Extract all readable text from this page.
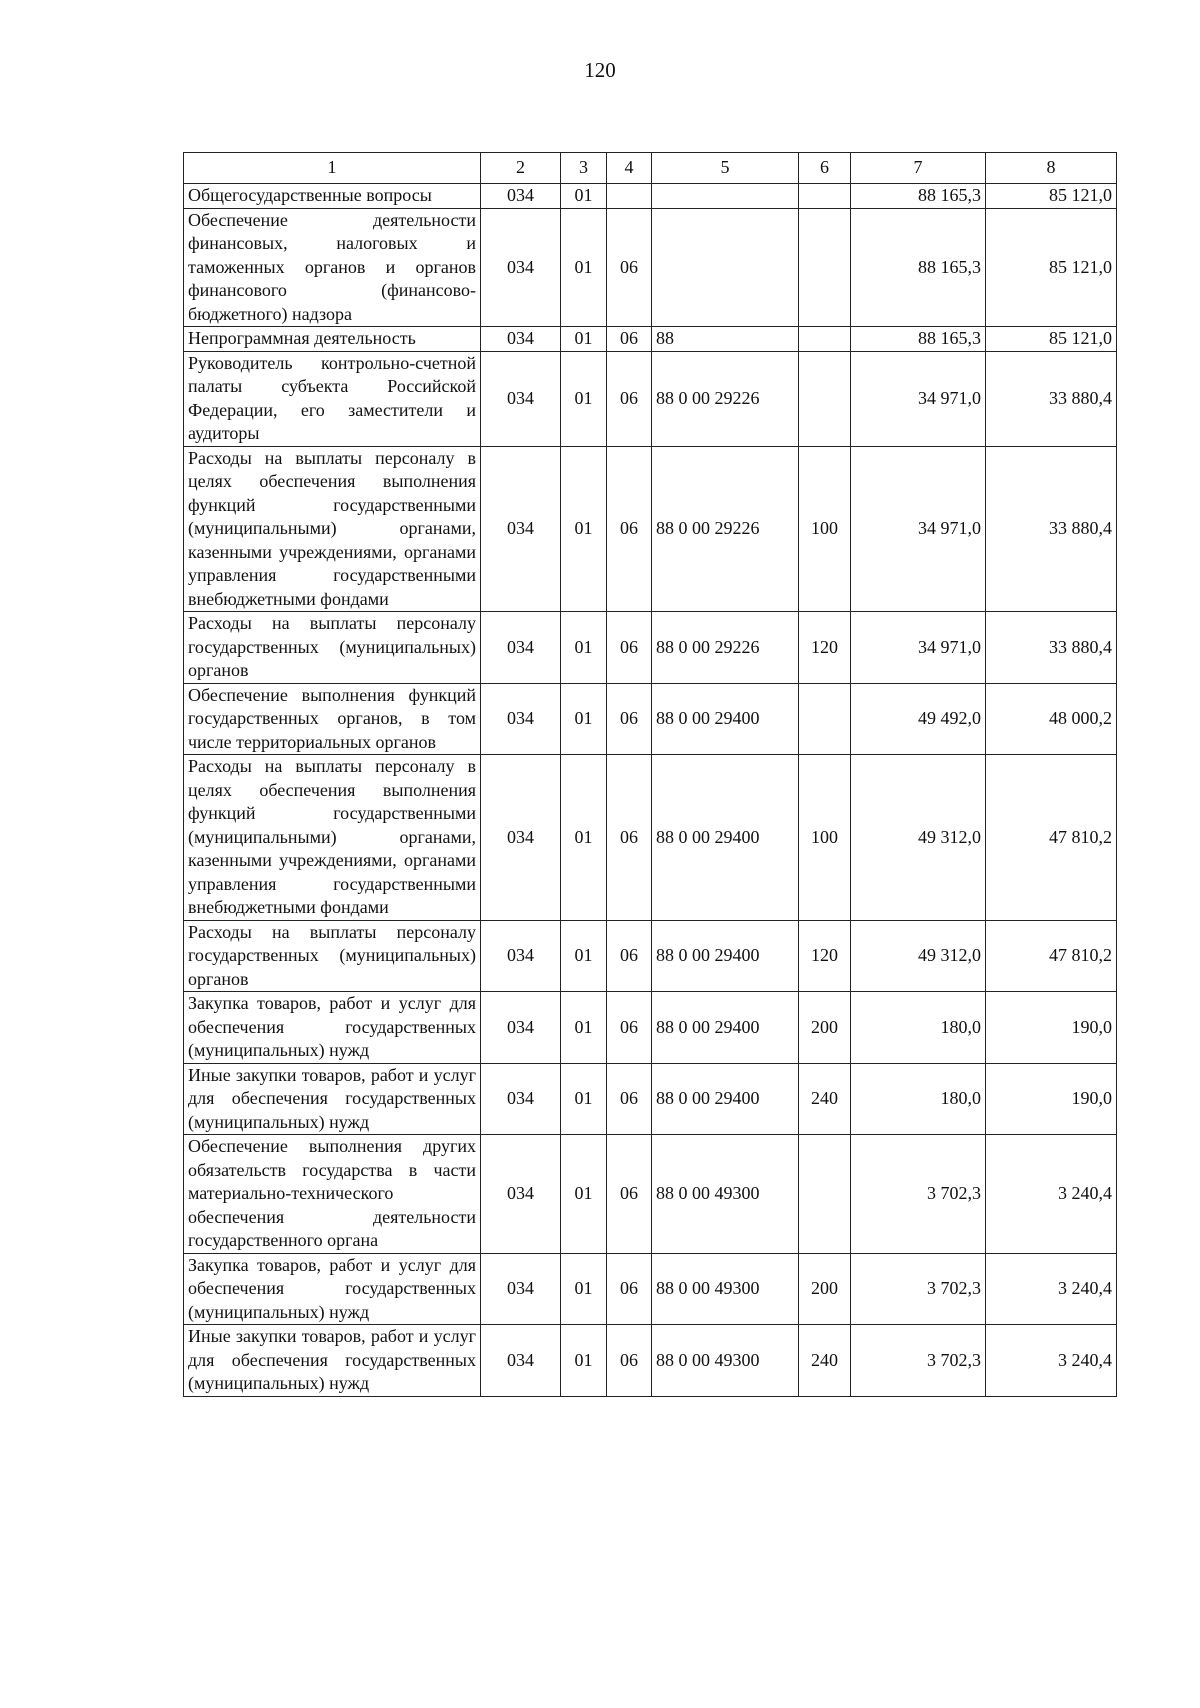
120
1	2	3	4	5	6	7	8
Общегосударственные вопросы	034	01				88 165,3	85 121,0
Обеспечение деятельности финансовых, налоговых и таможенных органов и органов финансового (финансово-бюджетного) надзора	034	01	06			88 165,3	85 121,0
Непрограммная деятельность	034	01	06	88		88 165,3	85 121,0
Руководитель контрольно-счетной палаты субъекта Российской Федерации, его заместители и аудиторы	034	01	06	88 0 00 29226		34 971,0	33 880,4
Расходы на выплаты персоналу в целях обеспечения выполнения функций государственными (муниципальными) органами, казенными учреждениями, органами управления государственными внебюджетными фондами	034	01	06	88 0 00 29226	100	34 971,0	33 880,4
Расходы на выплаты персоналу государственных (муниципальных) органов	034	01	06	88 0 00 29226	120	34 971,0	33 880,4
Обеспечение выполнения функций государственных органов, в том числе территориальных органов	034	01	06	88 0 00 29400		49 492,0	48 000,2
Расходы на выплаты персоналу в целях обеспечения выполнения функций государственными (муниципальными) органами, казенными учреждениями, органами управления государственными внебюджетными фондами	034	01	06	88 0 00 29400	100	49 312,0	47 810,2
Расходы на выплаты персоналу государственных (муниципальных) органов	034	01	06	88 0 00 29400	120	49 312,0	47 810,2
Закупка товаров, работ и услуг для обеспечения государственных (муниципальных) нужд	034	01	06	88 0 00 29400	200	180,0	190,0
Иные закупки товаров, работ и услуг для обеспечения государственных (муниципальных) нужд	034	01	06	88 0 00 29400	240	180,0	190,0
Обеспечение выполнения других обязательств государства в части материально-технического обеспечения деятельности государственного органа	034	01	06	88 0 00 49300		3 702,3	3 240,4
Закупка товаров, работ и услуг для обеспечения государственных (муниципальных) нужд	034	01	06	88 0 00 49300	200	3 702,3	3 240,4
Иные закупки товаров, работ и услуг для обеспечения государственных (муниципальных) нужд	034	01	06	88 0 00 49300	240	3 702,3	3 240,4
